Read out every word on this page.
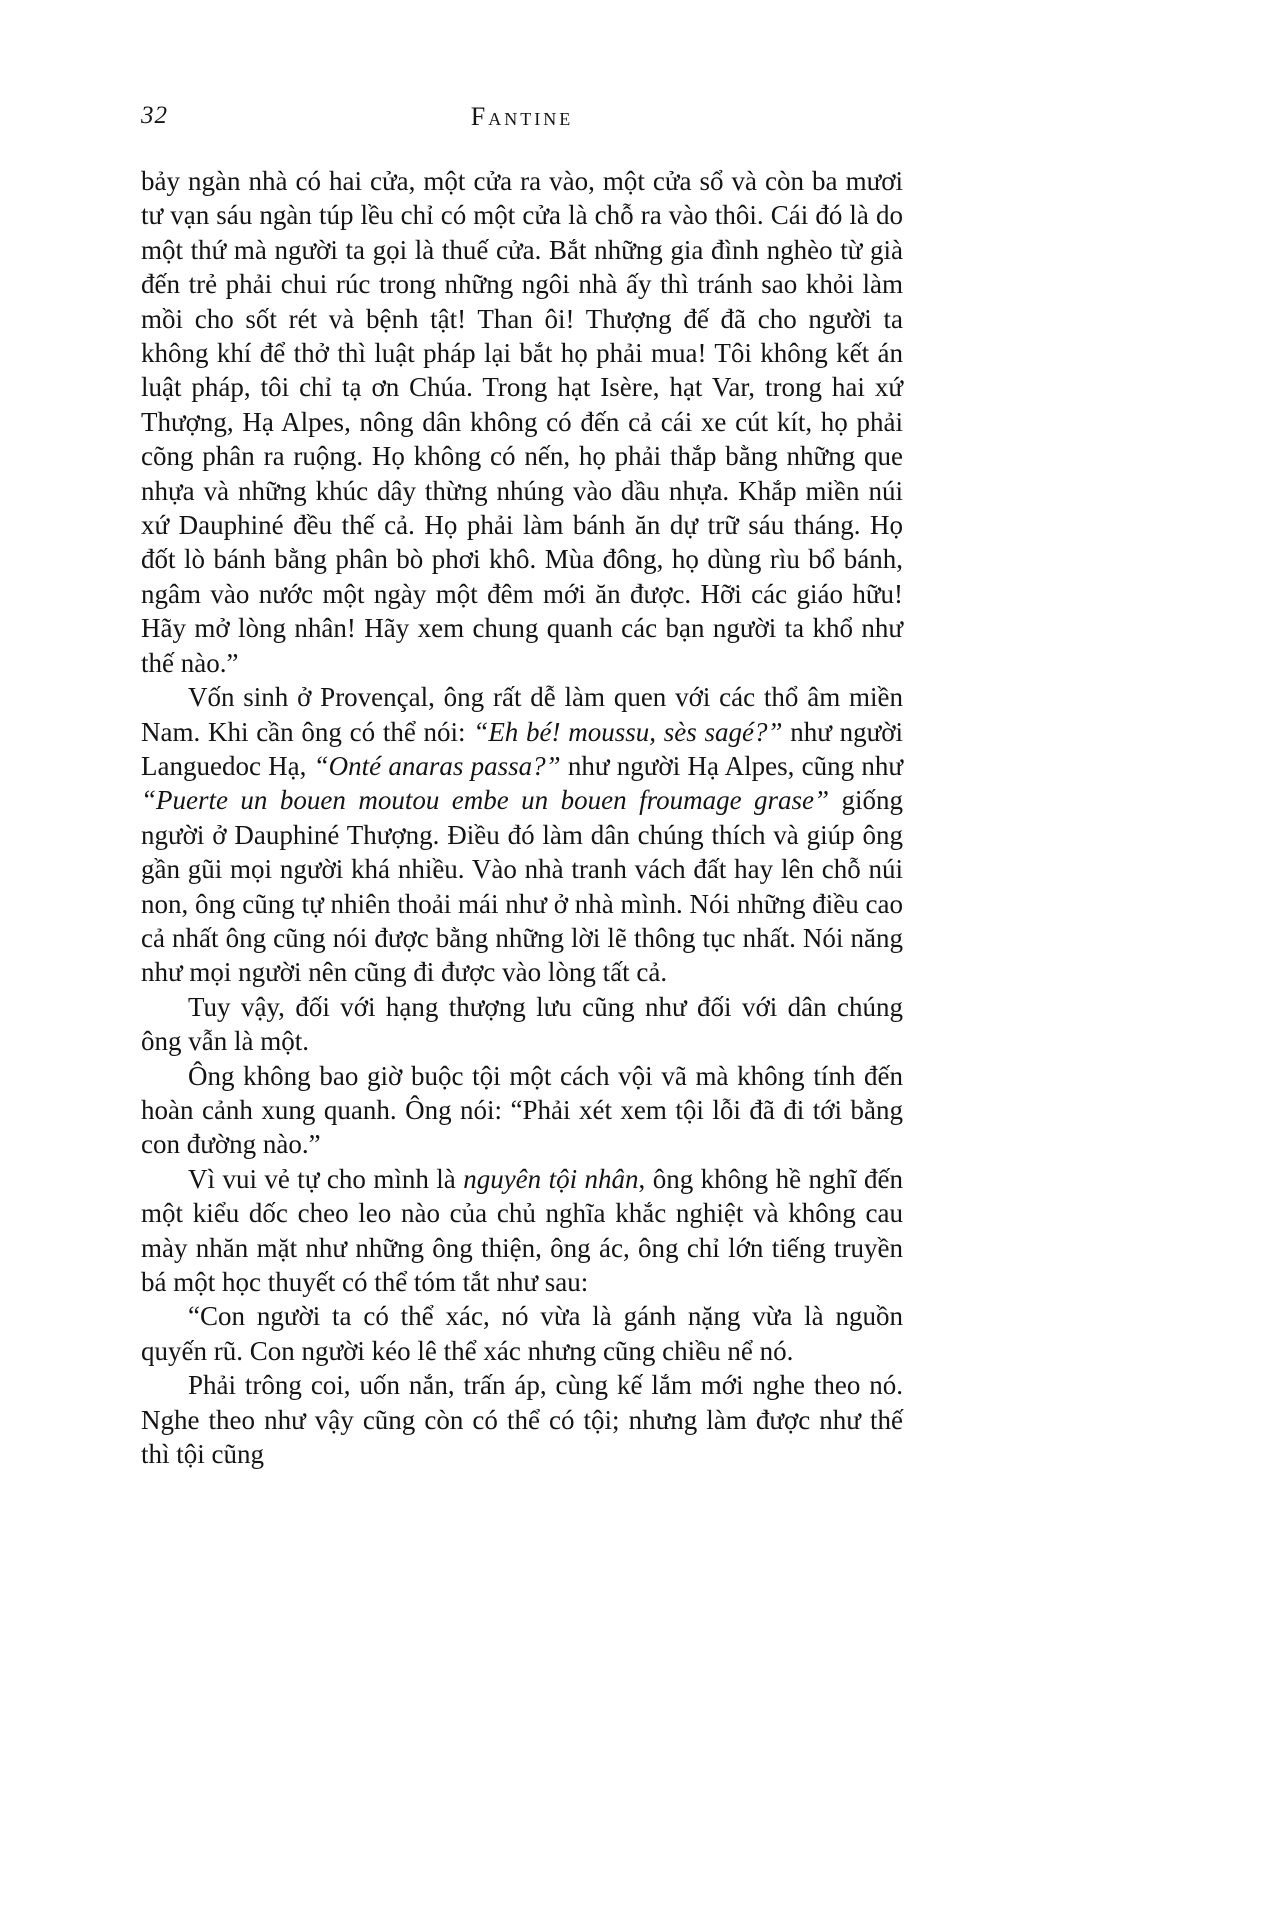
32	Fantine

bảy ngàn nhà có hai cửa, một cửa ra vào, một cửa sổ và còn ba mươi tư vạn sáu ngàn túp lều chỉ có một cửa là chỗ ra vào thôi. Cái đó là do một thứ mà người ta gọi là thuế cửa. Bắt những gia đình nghèo từ già đến trẻ phải chui rúc trong những ngôi nhà ấy thì tránh sao khỏi làm mồi cho sốt rét và bệnh tật! Than ôi! Thượng đế đã cho người ta không khí để thở thì luật pháp lại bắt họ phải mua! Tôi không kết án luật pháp, tôi chỉ tạ ơn Chúa. Trong hạt Isère, hạt Var, trong hai xứ Thượng, Hạ Alpes, nông dân không có đến cả cái xe cút kít, họ phải cõng phân ra ruộng. Họ không có nến, họ phải thắp bằng những que nhựa và những khúc dây thừng nhúng vào dầu nhựa. Khắp miền núi xứ Dauphiné đều thế cả. Họ phải làm bánh ăn dự trữ sáu tháng. Họ đốt lò bánh bằng phân bò phơi khô. Mùa đông, họ dùng rìu bổ bánh, ngâm vào nước một ngày một đêm mới ăn được. Hỡi các giáo hữu! Hãy mở lòng nhân! Hãy xem chung quanh các bạn người ta khổ như thế nào.”

Vốn sinh ở Provençal, ông rất dễ làm quen với các thổ âm miền Nam. Khi cần ông có thể nói: “Eh bé! moussu, sès sagé?” như người Languedoc Hạ, “Onté anaras passa?” như người Hạ Alpes, cũng như “Puerte un bouen moutou embe un bouen froumage grase” giống người ở Dauphiné Thượng. Điều đó làm dân chúng thích và giúp ông gần gũi mọi người khá nhiều. Vào nhà tranh vách đất hay lên chỗ núi non, ông cũng tự nhiên thoải mái như ở nhà mình. Nói những điều cao cả nhất ông cũng nói được bằng những lời lẽ thông tục nhất. Nói năng như mọi người nên cũng đi được vào lòng tất cả.

Tuy vậy, đối với hạng thượng lưu cũng như đối với dân chúng ông vẫn là một.

Ông không bao giờ buộc tội một cách vội vã mà không tính đến hoàn cảnh xung quanh. Ông nói: “Phải xét xem tội lỗi đã đi tới bằng con đường nào.”

Vì vui vẻ tự cho mình là nguyên tội nhân, ông không hề nghĩ đến một kiểu dốc cheo leo nào của chủ nghĩa khắc nghiệt và không cau mày nhăn mặt như những ông thiện, ông ác, ông chỉ lớn tiếng truyền bá một học thuyết có thể tóm tắt như sau:

“Con người ta có thể xác, nó vừa là gánh nặng vừa là nguồn quyến rũ. Con người kéo lê thể xác nhưng cũng chiều nể nó.

Phải trông coi, uốn nắn, trấn áp, cùng kế lắm mới nghe theo nó. Nghe theo như vậy cũng còn có thể có tội; nhưng làm được như thế thì tội cũng
